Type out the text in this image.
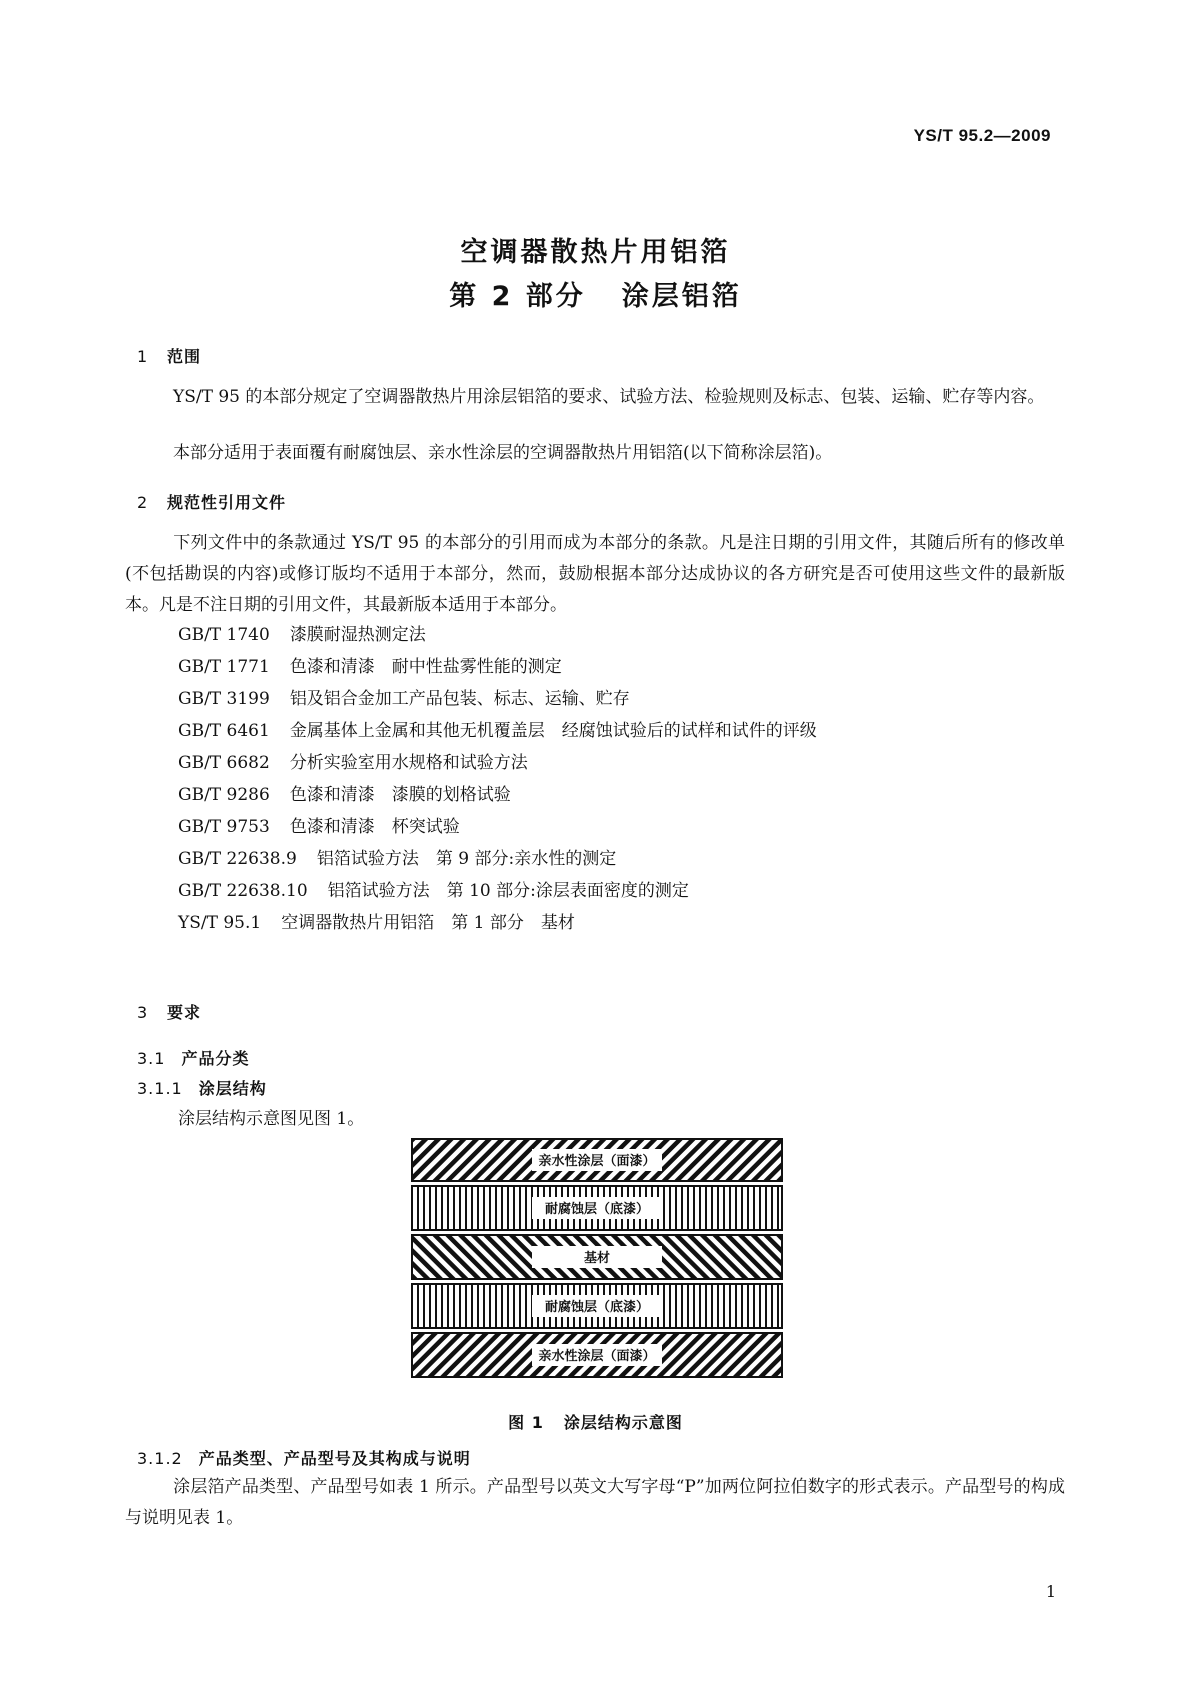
YS/T 95.2—2009
空调器散热片用铝箔
第 2 部分 涂层铝箔
1 范围

YS/T 95 的本部分规定了空调器散热片用涂层铝箔的要求、试验方法、检验规则及标志、包装、运输、贮存等内容。

本部分适用于表面覆有耐腐蚀层、亲水性涂层的空调器散热片用铝箔(以下简称涂层箔)。

2 规范性引用文件

下列文件中的条款通过 YS/T 95 的本部分的引用而成为本部分的条款。凡是注日期的引用文件，其随后所有的修改单(不包括勘误的内容)或修订版均不适用于本部分，然而，鼓励根据本部分达成协议的各方研究是否可使用这些文件的最新版本。凡是不注日期的引用文件，其最新版本适用于本部分。

GB/T 1740 漆膜耐湿热测定法
GB/T 1771 色漆和清漆　耐中性盐雾性能的测定
GB/T 3199 铝及铝合金加工产品包装、标志、运输、贮存
GB/T 6461 金属基体上金属和其他无机覆盖层　经腐蚀试验后的试样和试件的评级
GB/T 6682 分析实验室用水规格和试验方法
GB/T 9286 色漆和清漆　漆膜的划格试验
GB/T 9753 色漆和清漆　杯突试验
GB/T 22638.9 铝箔试验方法　第 9 部分:亲水性的测定
GB/T 22638.10 铝箔试验方法　第 10 部分:涂层表面密度的测定
YS/T 95.1 空调器散热片用铝箔　第 1 部分　基材
3 要求
3.1 产品分类
3.1.1 涂层结构
涂层结构示意图见图 1。
亲水性涂层（面漆）
耐腐蚀层（底漆）
基材
耐腐蚀层（底漆）
亲水性涂层（面漆）
图 1 涂层结构示意图
3.1.2 产品类型、产品型号及其构成与说明

涂层箔产品类型、产品型号如表 1 所示。产品型号以英文大写字母“P”加两位阿拉伯数字的形式表示。产品型号的构成与说明见表 1。

1
